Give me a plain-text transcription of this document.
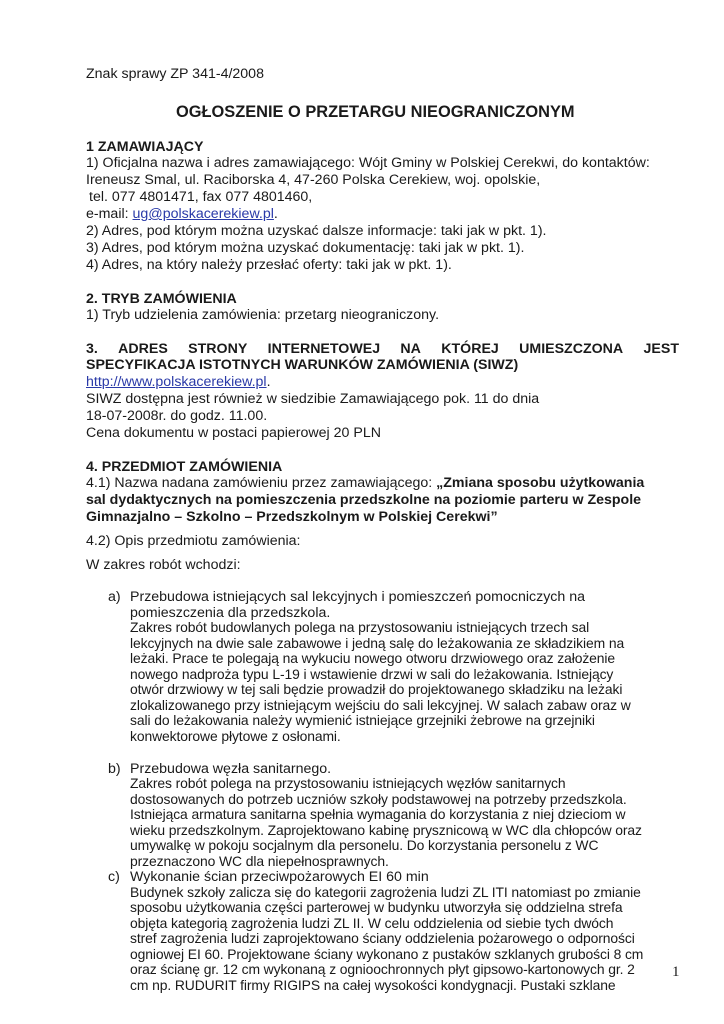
Znak sprawy ZP 341-4/2008
OGŁOSZENIE O PRZETARGU NIEOGRANICZONYM
1 ZAMAWIAJĄCY
1) Oficjalna nazwa i adres zamawiającego: Wójt Gminy w Polskiej Cerekwi, do kontaktów:
Ireneusz Smal, ul. Raciborska 4, 47-260 Polska Cerekiew, woj. opolskie,
tel. 077 4801471, fax 077 4801460,
e-mail: ug@polskacerekiew.pl.
2) Adres, pod którym można uzyskać dalsze informacje: taki jak w pkt. 1).
3) Adres, pod którym można uzyskać dokumentację: taki jak w pkt. 1).
4) Adres, na który należy przesłać oferty: taki jak w pkt. 1).
2. TRYB ZAMÓWIENIA
1) Tryb udzielenia zamówienia: przetarg nieograniczony.
3. ADRES STRONY INTERNETOWEJ NA KTÓREJ UMIESZCZONA JEST
SPECYFIKACJA ISTOTNYCH WARUNKÓW ZAMÓWIENIA (SIWZ)
http://www.polskacerekiew.pl.
SIWZ dostępna jest również w siedzibie Zamawiającego pok. 11 do dnia
18-07-2008r. do godz. 11.00.
Cena dokumentu w postaci papierowej 20 PLN
4. PRZEDMIOT ZAMÓWIENIA
4.1) Nazwa nadana zamówieniu przez zamawiającego: „Zmiana sposobu użytkowania
sal dydaktycznych na pomieszczenia przedszkolne na poziomie parteru w Zespole
Gimnazjalno – Szkolno – Przedszkolnym w Polskiej Cerekwi”
4.2) Opis przedmiotu zamówienia:
W zakres robót wchodzi:
a) Przebudowa istniejących sal lekcyjnych i pomieszczeń pomocniczych na
pomieszczenia dla przedszkola.
Zakres robót budowlanych polega na przystosowaniu istniejących trzech sal
lekcyjnych na dwie sale zabawowe i jedną salę do leżakowania ze składzikiem na
leżaki. Prace te polegają na wykuciu nowego otworu drzwiowego oraz założenie
nowego nadproża typu L-19 i wstawienie drzwi w sali do leżakowania. Istniejący
otwór drzwiowy w tej sali będzie prowadził do projektowanego składziku na leżaki
zlokalizowanego przy istniejącym wejściu do sali lekcyjnej. W salach zabaw oraz w
sali do leżakowania należy wymienić istniejące grzejniki żebrowe na grzejniki
konwektorowe płytowe z osłonami.
b) Przebudowa węzła sanitarnego.
Zakres robót polega na przystosowaniu istniejących węzłów sanitarnych
dostosowanych do potrzeb uczniów szkoły podstawowej na potrzeby przedszkola.
Istniejąca armatura sanitarna spełnia wymagania do korzystania z niej dzieciom w
wieku przedszkolnym. Zaprojektowano kabinę prysznicową w WC dla chłopców oraz
umywalkę w pokoju socjalnym dla personelu. Do korzystania personelu z WC
przeznaczono WC dla niepełnosprawnych.
c) Wykonanie ścian przeciwpożarowych EI 60 min
Budynek szkoły zalicza się do kategorii zagrożenia ludzi ZL ITI natomiast po zmianie
sposobu użytkowania części parterowej w budynku utworzyła się oddzielna strefa
objęta kategorią zagrożenia ludzi ZL II. W celu oddzielenia od siebie tych dwóch
stref zagrożenia ludzi zaprojektowano ściany oddzielenia pożarowego o odporności
ogniowej EI 60. Projektowane ściany wykonano z pustaków szklanych grubości 8 cm
oraz ścianę gr. 12 cm wykonaną z ognioochronnych płyt gipsowo-kartonowych gr. 2
cm np. RUDURIT firmy RIGIPS na całej wysokości kondygnacji. Pustaki szklane
1
